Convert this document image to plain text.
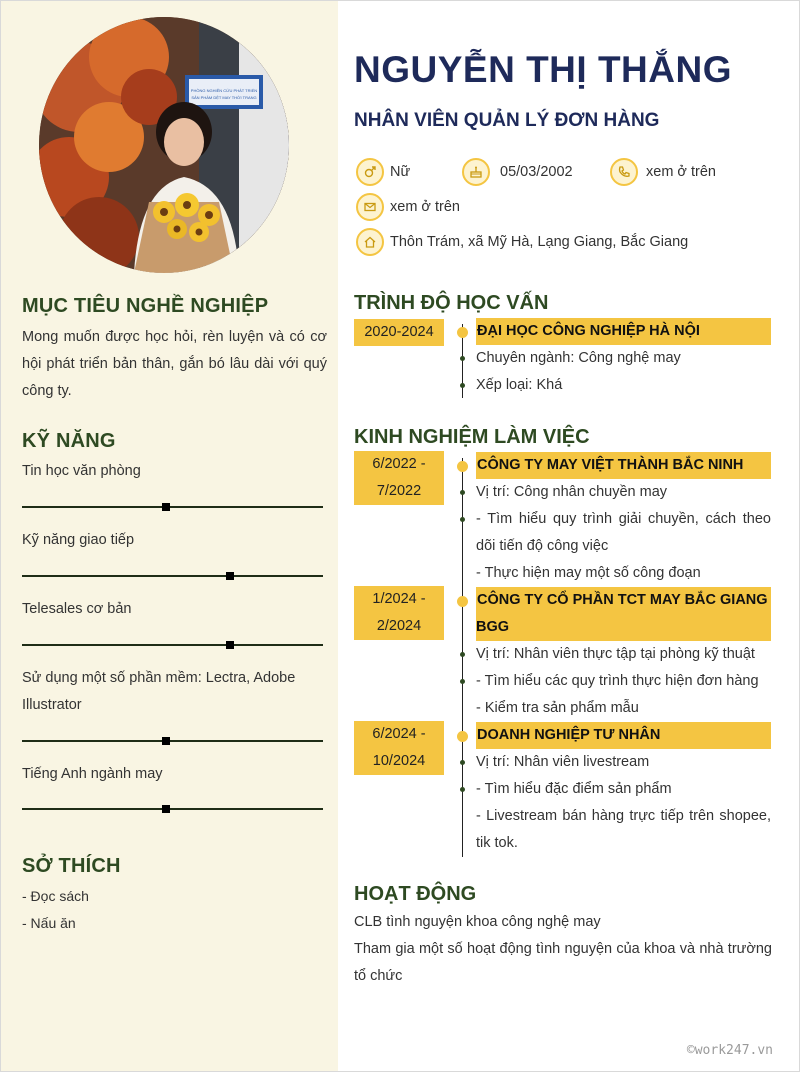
PHÒNG NGHIÊN CỨU PHÁT TRIỂN
SẢN PHẨM DỆT MAY THỜI TRANG
MỤC TIÊU NGHỀ NGHIỆP
Mong muốn được học hỏi, rèn luyện và có cơ hội phát triển bản thân, gắn bó lâu dài với quý công ty.
KỸ NĂNG
Tin học văn phòng
Kỹ năng giao tiếp
Telesales cơ bản
Sử dụng một số phần mềm: Lectra, Adobe Illustrator
Tiếng Anh ngành may
SỞ THÍCH
- Đọc sách
- Nấu ăn
NGUYỄN THỊ THẮNG
NHÂN VIÊN QUẢN LÝ ĐƠN HÀNG
Nữ	05/03/2002	xem ở trên
xem ở trên
Thôn Trám, xã Mỹ Hà, Lạng Giang, Bắc Giang
TRÌNH ĐỘ HỌC VẤN
2020-2024	ĐẠI HỌC CÔNG NGHIỆP HÀ NỘI
Chuyên ngành: Công nghệ may
Xếp loại: Khá
KINH NGHIỆM LÀM VIỆC
6/2022 - 7/2022
CÔNG TY MAY VIỆT THÀNH BẮC NINH
Vị trí: Công nhân chuyền may
- Tìm hiểu quy trình giải chuyền, cách theo dõi tiến độ công việc
- Thực hiện may một số công đoạn
1/2024 - 2/2024
CÔNG TY CỔ PHẦN TCT MAY BẮC GIANG BGG
Vị trí: Nhân viên thực tập tại phòng kỹ thuật
- Tìm hiểu các quy trình thực hiện đơn hàng
- Kiểm tra sản phẩm mẫu
6/2024 - 10/2024
DOANH NGHIỆP TƯ NHÂN
Vị trí: Nhân viên livestream
- Tìm hiểu đặc điểm sản phẩm
- Livestream bán hàng trực tiếp trên shopee, tik tok.
HOẠT ĐỘNG
CLB tình nguyện khoa công nghệ may
Tham gia một số hoạt động tình nguyện của khoa và nhà trường tổ chức
©work247.vn
